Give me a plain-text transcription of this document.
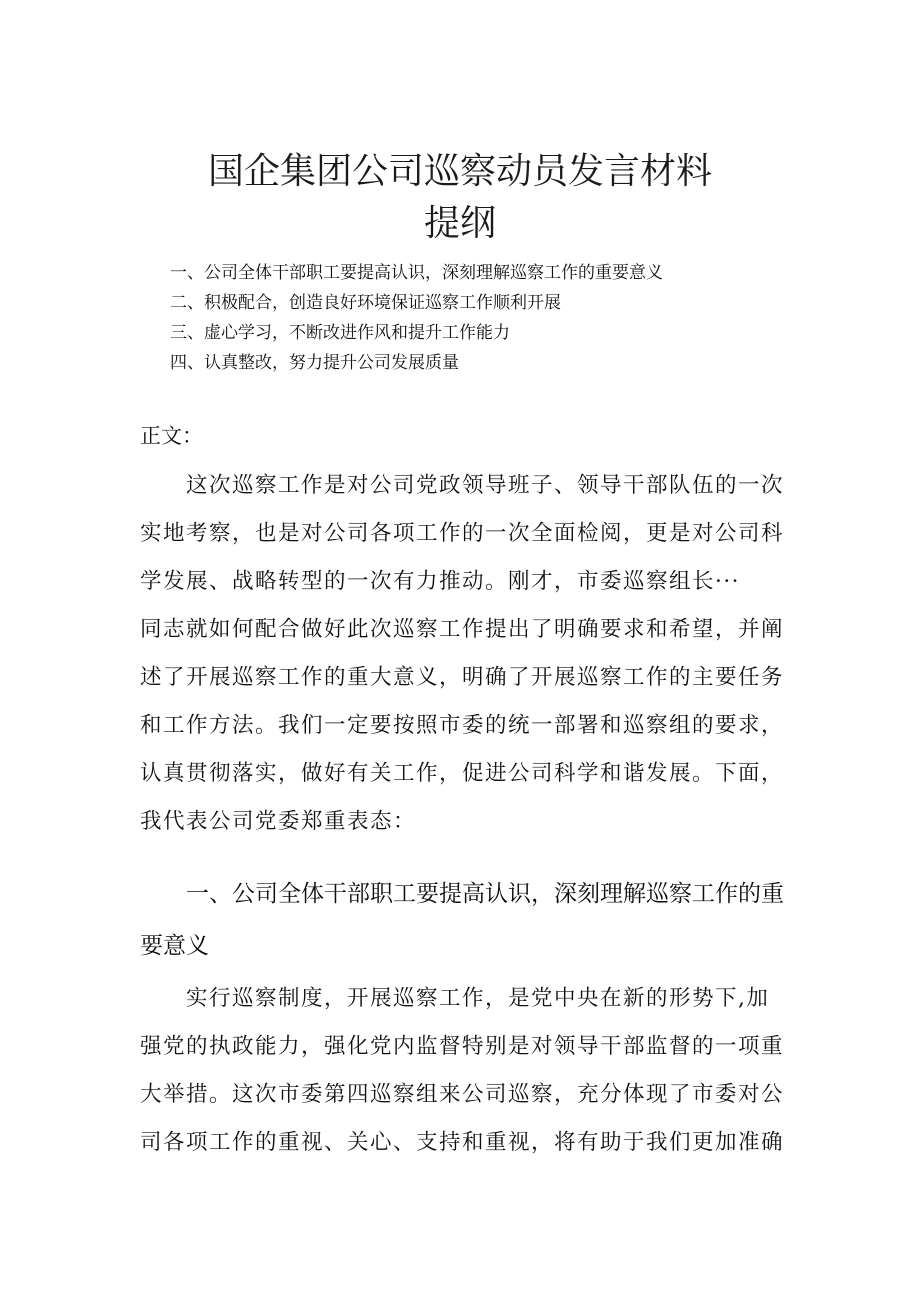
国企集团公司巡察动员发言材料
提纲
一、公司全体干部职工要提高认识，深刻理解巡察工作的重要意义
二、积极配合，创造良好环境保证巡察工作顺利开展
三、虚心学习，不断改进作风和提升工作能力
四、认真整改，努力提升公司发展质量
正文：
　　这次巡察工作是对公司党政领导班子、领导干部队伍的一次
实地考察，也是对公司各项工作的一次全面检阅，更是对公司科
学发展、战略转型的一次有力推动。刚才，市委巡察组长···
同志就如何配合做好此次巡察工作提出了明确要求和希望，并阐
述了开展巡察工作的重大意义，明确了开展巡察工作的主要任务
和工作方法。我们一定要按照市委的统一部署和巡察组的要求，
认真贯彻落实，做好有关工作，促进公司科学和谐发展。下面，
我代表公司党委郑重表态：
　　一、公司全体干部职工要提高认识，深刻理解巡察工作的重
要意义
　　实行巡察制度，开展巡察工作，是党中央在新的形势下,加
强党的执政能力，强化党内监督特别是对领导干部监督的一项重
大举措。这次市委第四巡察组来公司巡察，充分体现了市委对公
司各项工作的重视、关心、支持和重视，将有助于我们更加准确
